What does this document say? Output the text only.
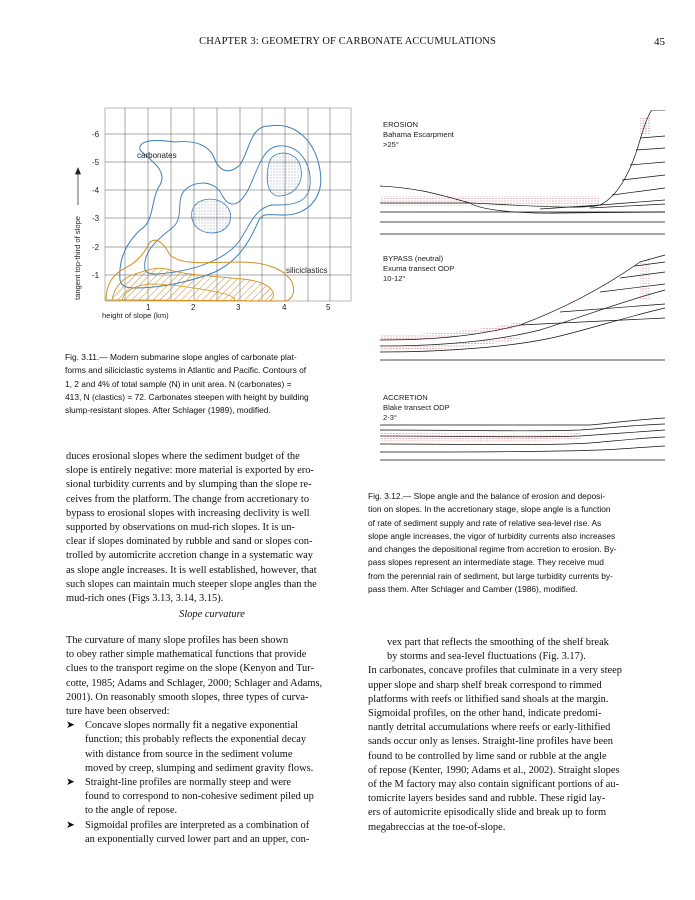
CHAPTER 3: GEOMETRY OF CARBONATE ACCUMULATIONS	45
-6
-5
-4
-3
-2
-1
1	2	3	4	5
height of slope (km)
tangent top-third of slope
carbonates
siliciclastics
Fig. 3.11.— Modern submarine slope angles of carbonate plat-
forms and siliciclastic systems in Atlantic and Pacific. Contours of
1, 2 and 4% of total sample (N) in unit area. N (carbonates) =
413, N (clastics) = 72. Carbonates steepen with height by building
slump-resistant slopes. After Schlager (1989), modified.
EROSION
Bahama Escarpment
>25°
BYPASS (neutral)
Exuma transect ODP
10-12°
ACCRETION
Blake transect ODP
2-3°
Fig. 3.12.— Slope angle and the balance of erosion and deposi-
tion on slopes. In the accretionary stage, slope angle is a function
of rate of sediment supply and rate of relative sea-level rise. As
slope angle increases, the vigor of turbidity currents also increases
and changes the depositional regime from accretion to erosion. By-
pass slopes represent an intermediate stage. They receive mud
from the perennial rain of sediment, but large turbidity currents by-
pass them. After Schlager and Camber (1986), modified.
duces erosional slopes where the sediment budget of the
slope is entirely negative: more material is exported by ero-
sional turbidity currents and by slumping than the slope re-
ceives from the platform. The change from accretionary to
bypass to erosional slopes with increasing declivity is well
supported by observations on mud-rich slopes. It is un-
clear if slopes dominated by rubble and sand or slopes con-
trolled by automicrite accretion change in a systematic way
as slope angle increases. It is well established, however, that
such slopes can maintain much steeper slope angles than the
mud-rich ones (Figs 3.13, 3.14, 3.15).
Slope curvature
The curvature of many slope profiles has been shown
to obey rather simple mathematical functions that provide
clues to the transport regime on the slope (Kenyon and Tur-
cotte, 1985; Adams and Schlager, 2000; Schlager and Adams,
2001). On reasonably smooth slopes, three types of curva-
ture have been observed:
➤ Concave slopes normally fit a negative exponential
function; this probably reflects the exponential decay
with distance from source in the sediment volume
moved by creep, slumping and sediment gravity flows.
➤ Straight-line profiles are normally steep and were
found to correspond to non-cohesive sediment piled up
to the angle of repose.
➤ Sigmoidal profiles are interpreted as a combination of
an exponentially curved lower part and an upper, con-
vex part that reflects the smoothing of the shelf break
by storms and sea-level fluctuations (Fig. 3.17).
In carbonates, concave profiles that culminate in a very steep
upper slope and sharp shelf break correspond to rimmed
platforms with reefs or lithified sand shoals at the margin.
Sigmoidal profiles, on the other hand, indicate predomi-
nantly detrital accumulations where reefs or early-lithified
sands occur only as lenses. Straight-line profiles have been
found to be controlled by lime sand or rubble at the angle
of repose (Kenter, 1990; Adams et al., 2002). Straight slopes
of the M factory may also contain significant portions of au-
tomicrite layers besides sand and rubble. These rigid lay-
ers of automicrite episodically slide and break up to form
megabreccias at the toe-of-slope.
